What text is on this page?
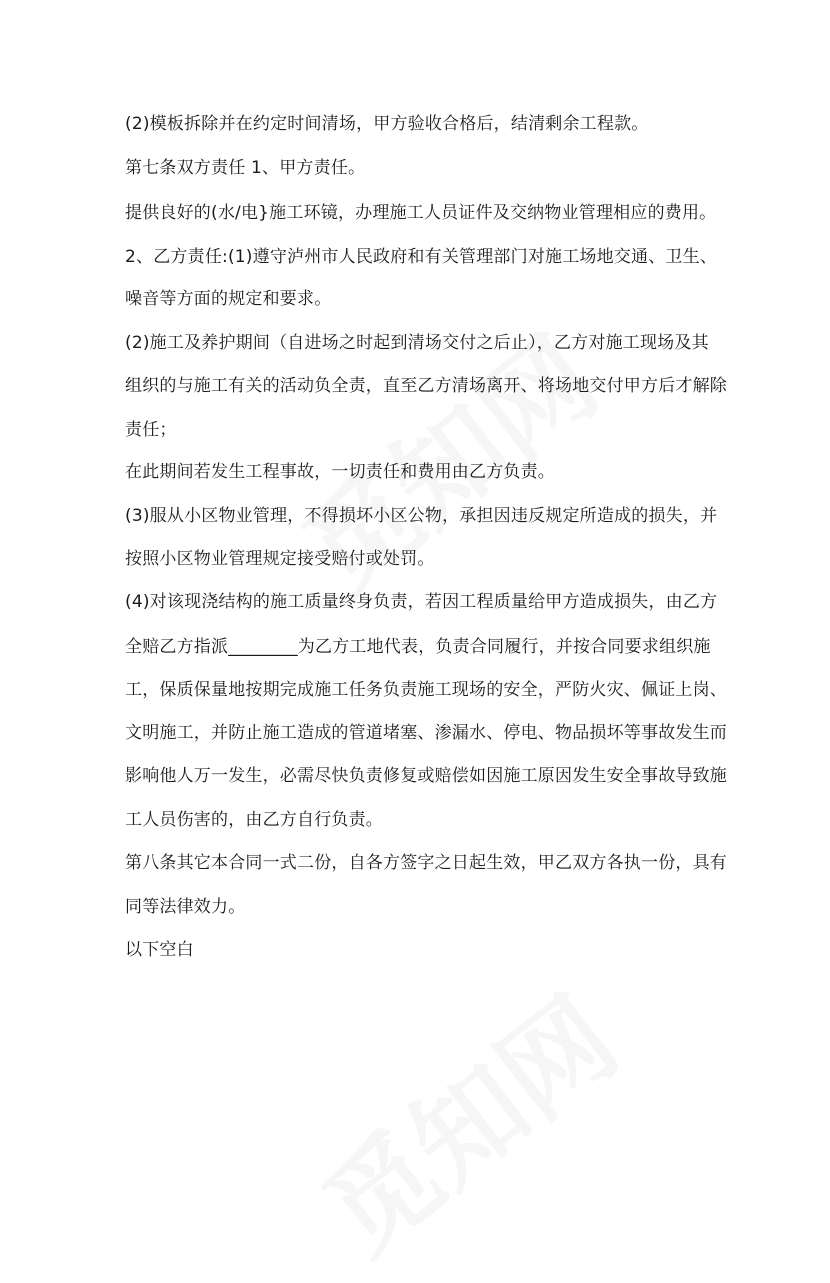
(2)模板拆除并在约定时间清场，甲方验收合格后，结清剩余工程款。
第七条双方责任 1、甲方责任。
提供良好的(水/电}施工环镜，办理施工人员证件及交纳物业管理相应的费用。
2、乙方责任:(1)遵守泸州市人民政府和有关管理部门对施工场地交通、卫生、
噪音等方面的规定和要求。
(2)施工及养护期间（自进场之时起到清场交付之后止），乙方对施工现场及其
组织的与施工有关的活动负全责，直至乙方清场离开、将场地交付甲方后才解除
责任；
在此期间若发生工程事故，一切责任和费用由乙方负责。
(3)服从小区物业管理，不得损坏小区公物，承担因违反规定所造成的损失，并
按照小区物业管理规定接受赔付或处罚。
(4)对该现浇结构的施工质量终身负责，若因工程质量给甲方造成损失，由乙方
全赔乙方指派________为乙方工地代表，负责合同履行，并按合同要求组织施
工，保质保量地按期完成施工任务负责施工现场的安全，严防火灾、佩证上岗、
文明施工，并防止施工造成的管道堵塞、渗漏水、停电、物品损坏等事故发生而
影响他人万一发生，必需尽快负责修复或赔偿如因施工原因发生安全事故导致施
工人员伤害的，由乙方自行负责。
第八条其它本合同一式二份，自各方签字之日起生效，甲乙双方各执一份，具有
同等法律效力。
以下空白
